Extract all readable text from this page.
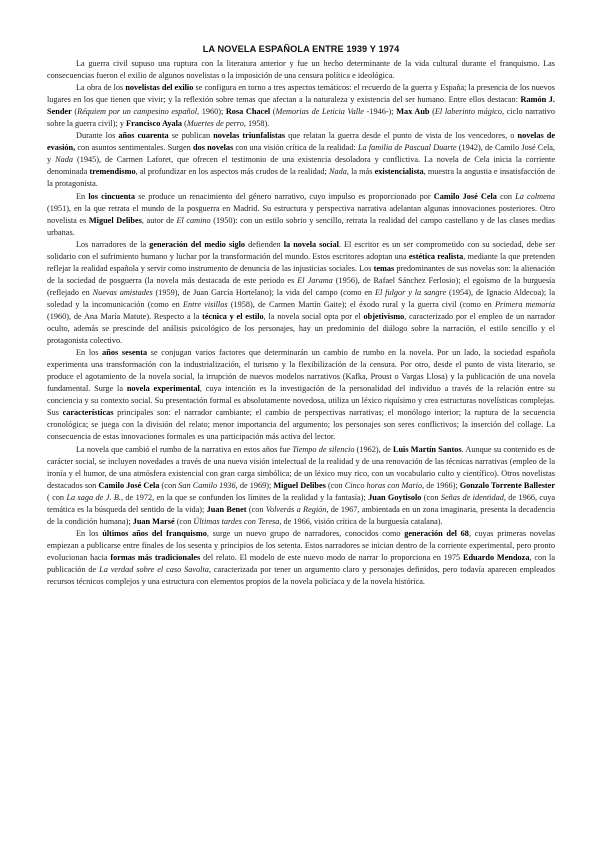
LA NOVELA ESPAÑOLA ENTRE 1939 Y 1974

La guerra civil supuso una ruptura con la literatura anterior y fue un hecho determinante de la vida cultural durante el franquismo. Las consecuencias fueron el exilio de algunos novelistas o la imposición de una censura política e ideológica.

La obra de los novelistas del exilio se configura en torno a tres aspectos temáticos: el recuerdo de la guerra y España; la presencia de los nuevos lugares en los que tienen que vivir; y la reflexión sobre temas que afectan a la naturaleza y existencia del ser humano. Entre ellos destacan: Ramón J. Sender (Réquiem por un campesino español, 1960); Rosa Chacel (Memorias de Leticia Valle -1946-); Max Aub (El laberinto mágico, ciclo narrativo sobre la guerra civil); y Francisco Ayala (Muertes de perro, 1958).

Durante los años cuarenta se publican novelas triunfalistas que relatan la guerra desde el punto de vista de los vencedores, o novelas de evasión, con asuntos sentimentales. Surgen dos novelas con una visión crítica de la realidad: La familia de Pascual Duarte (1942), de Camilo José Cela, y Nada (1945), de Carmen Laforet, que ofrecen el testimonio de una existencia desoladora y conflictiva. La novela de Cela inicia la corriente denominada tremendismo, al profundizar en los aspectos más crudos de la realidad; Nada, la más existencialista, muestra la angustia e insatisfacción de la protagonista.

En los cincuenta se produce un renacimiento del género narrativo, cuyo impulso es proporcionado por Camilo José Cela con La colmena (1951), en la que retrata el mundo de la posguerra en Madrid. Su estructura y perspectiva narrativa adelantan algunas innovaciones posteriores. Otro novelista es Miguel Delibes, autor de El camino (1950): con un estilo sobrio y sencillo, retrata la realidad del campo castellano y de las clases medias urbanas.

Los narradores de la generación del medio siglo defienden la novela social. El escritor es un ser comprometido con su sociedad, debe ser solidario con el sufrimiento humano y luchar por la transformación del mundo. Estos escritores adoptan una estética realista, mediante la que pretenden reflejar la realidad española y servir como instrumento de denuncia de las injusticias sociales. Los temas predominantes de sus novelas son: la alienación de la sociedad de posguerra (la novela más destacada de este periodo es El Jarama (1956), de Rafael Sánchez Ferlosio); el egoísmo de la burguesía (reflejado en Nuevas amistades (1959), de Juan García Hortelano); la vida del campo (como en El fulgor y la sangre (1954), de Ignacio Aldecoa); la soledad y la incomunicación (como en Entre visillos (1958), de Carmen Martín Gaite); el éxodo rural y la guerra civil (como en Primera memoria (1960), de Ana María Matute). Respecto a la técnica y el estilo, la novela social opta por el objetivismo, caracterizado por el empleo de un narrador oculto, además se prescinde del análisis psicológico de los personajes, hay un predominio del diálogo sobre la narración, el estilo sencillo y el protagonista colectivo.

En los años sesenta se conjugan varios factores que determinarán un cambio de rumbo en la novela. Por un lado, la sociedad española experimenta una transformación con la industrialización, el turismo y la flexibilización de la censura. Por otro, desde el punto de vista literario, se produce el agotamiento de la novela social, la irrupción de nuevos modelos narrativos (Kafka, Proust o Vargas Llosa) y la publicación de una novela fundamental. Surge la novela experimental, cuya intención es la investigación de la personalidad del individuo a través de la relación entre su conciencia y su contexto social. Su presentación formal es absolutamente novedosa, utiliza un léxico riquísimo y crea estructuras novelísticas complejas. Sus características principales son: el narrador cambiante; el cambio de perspectivas narrativas; el monólogo interior; la ruptura de la secuencia cronológica; se juega con la división del relato; menor importancia del argumento; los personajes son seres conflictivos; la inserción del collage. La consecuencia de estas innovaciones formales es una participación más activa del lector.

La novela que cambió el rumbo de la narrativa en estos años fue Tiempo de silencio (1962), de Luis Martín Santos. Aunque su contenido es de carácter social, se incluyen novedades a través de una nueva visión intelectual de la realidad y de una renovación de las técnicas narrativas (empleo de la ironía y el humor, de una atmósfera existencial con gran carga simbólica; de un léxico muy rico, con un vocabulario culto y científico). Otros novelistas destacados son Camilo José Cela (con San Camilo 1936, de 1969); Miguel Delibes (con Cinco horas con Mario, de 1966); Gonzalo Torrente Ballester ( con La saga de J. B., de 1972, en la que se confunden los límites de la realidad y la fantasía); Juan Goytisolo (con Señas de identidad, de 1966, cuya temática es la búsqueda del sentido de la vida); Juan Benet (con Volverás a Región, de 1967, ambientada en un zona imaginaria, presenta la decadencia de la condición humana); Juan Marsé (con Últimas tardes con Teresa, de 1966, visión crítica de la burguesía catalana).

En los últimos años del franquismo, surge un nuevo grupo de narradores, conocidos como generación del 68, cuyas primeras novelas empiezan a publicarse entre finales de los sesenta y principios de los setenta. Estos narradores se inician dentro de la corriente experimental, pero pronto evolucionan hacia formas más tradicionales del relato. El modelo de este nuevo modo de narrar lo proporciona en 1975 Eduardo Mendoza, con la publicación de La verdad sobre el caso Savolta, caracterizada por tener un argumento claro y personajes definidos, pero todavía aparecen empleados recursos técnicos complejos y una estructura con elementos propios de la novela policíaca y de la novela histórica.
